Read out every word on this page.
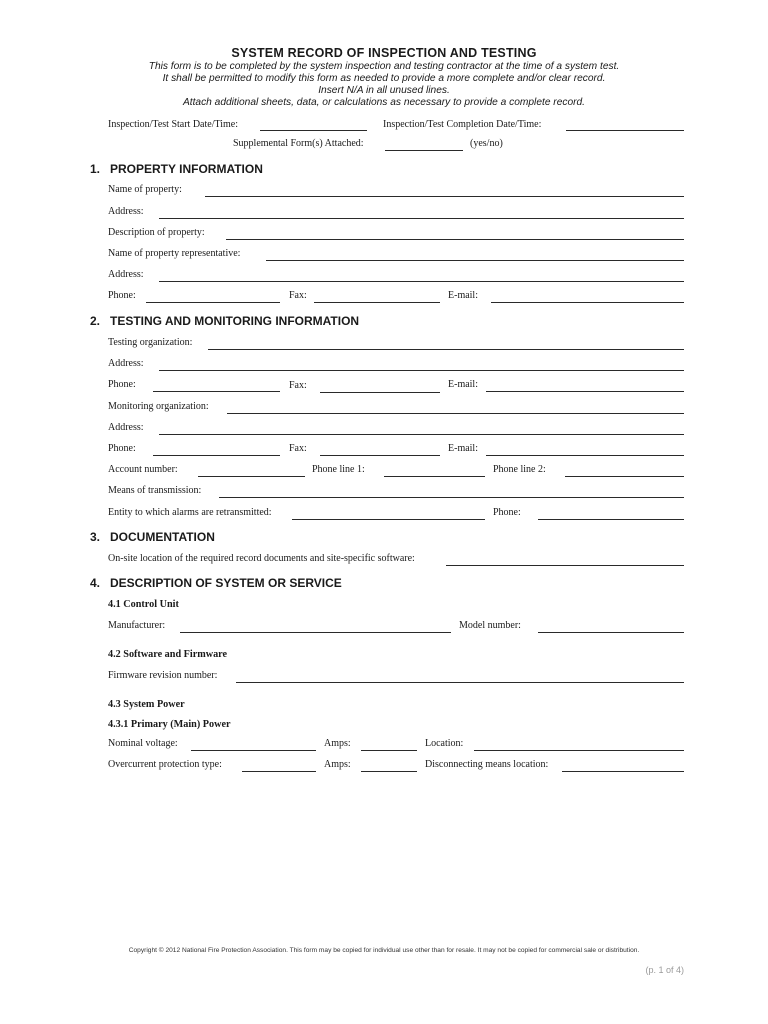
SYSTEM RECORD OF INSPECTION AND TESTING
This form is to be completed by the system inspection and testing contractor at the time of a system test.
It shall be permitted to modify this form as needed to provide a more complete and/or clear record.
Insert N/A in all unused lines.
Attach additional sheets, data, or calculations as necessary to provide a complete record.
Inspection/Test Start Date/Time:	Inspection/Test Completion Date/Time:
Supplemental Form(s) Attached:	(yes/no)
1. PROPERTY INFORMATION
Name of property:
Address:
Description of property:
Name of property representative:
Address:
Phone:	Fax:	E-mail:
2. TESTING AND MONITORING INFORMATION
Testing organization:
Address:
Phone:	Fax:	E-mail:
Monitoring organization:
Address:
Phone:	Fax:	E-mail:
Account number:	Phone line 1:	Phone line 2:
Means of transmission:
Entity to which alarms are retransmitted:	Phone:
3. DOCUMENTATION
On-site location of the required record documents and site-specific software:
4. DESCRIPTION OF SYSTEM OR SERVICE
4.1 Control Unit
Manufacturer:	Model number:
4.2 Software and Firmware
Firmware revision number:
4.3 System Power
4.3.1 Primary (Main) Power
Nominal voltage:	Amps:	Location:
Overcurrent protection type:	Amps:	Disconnecting means location:
Copyright © 2012 National Fire Protection Association. This form may be copied for individual use other than for resale. It may not be copied for commercial sale or distribution.
(p. 1 of 4)
